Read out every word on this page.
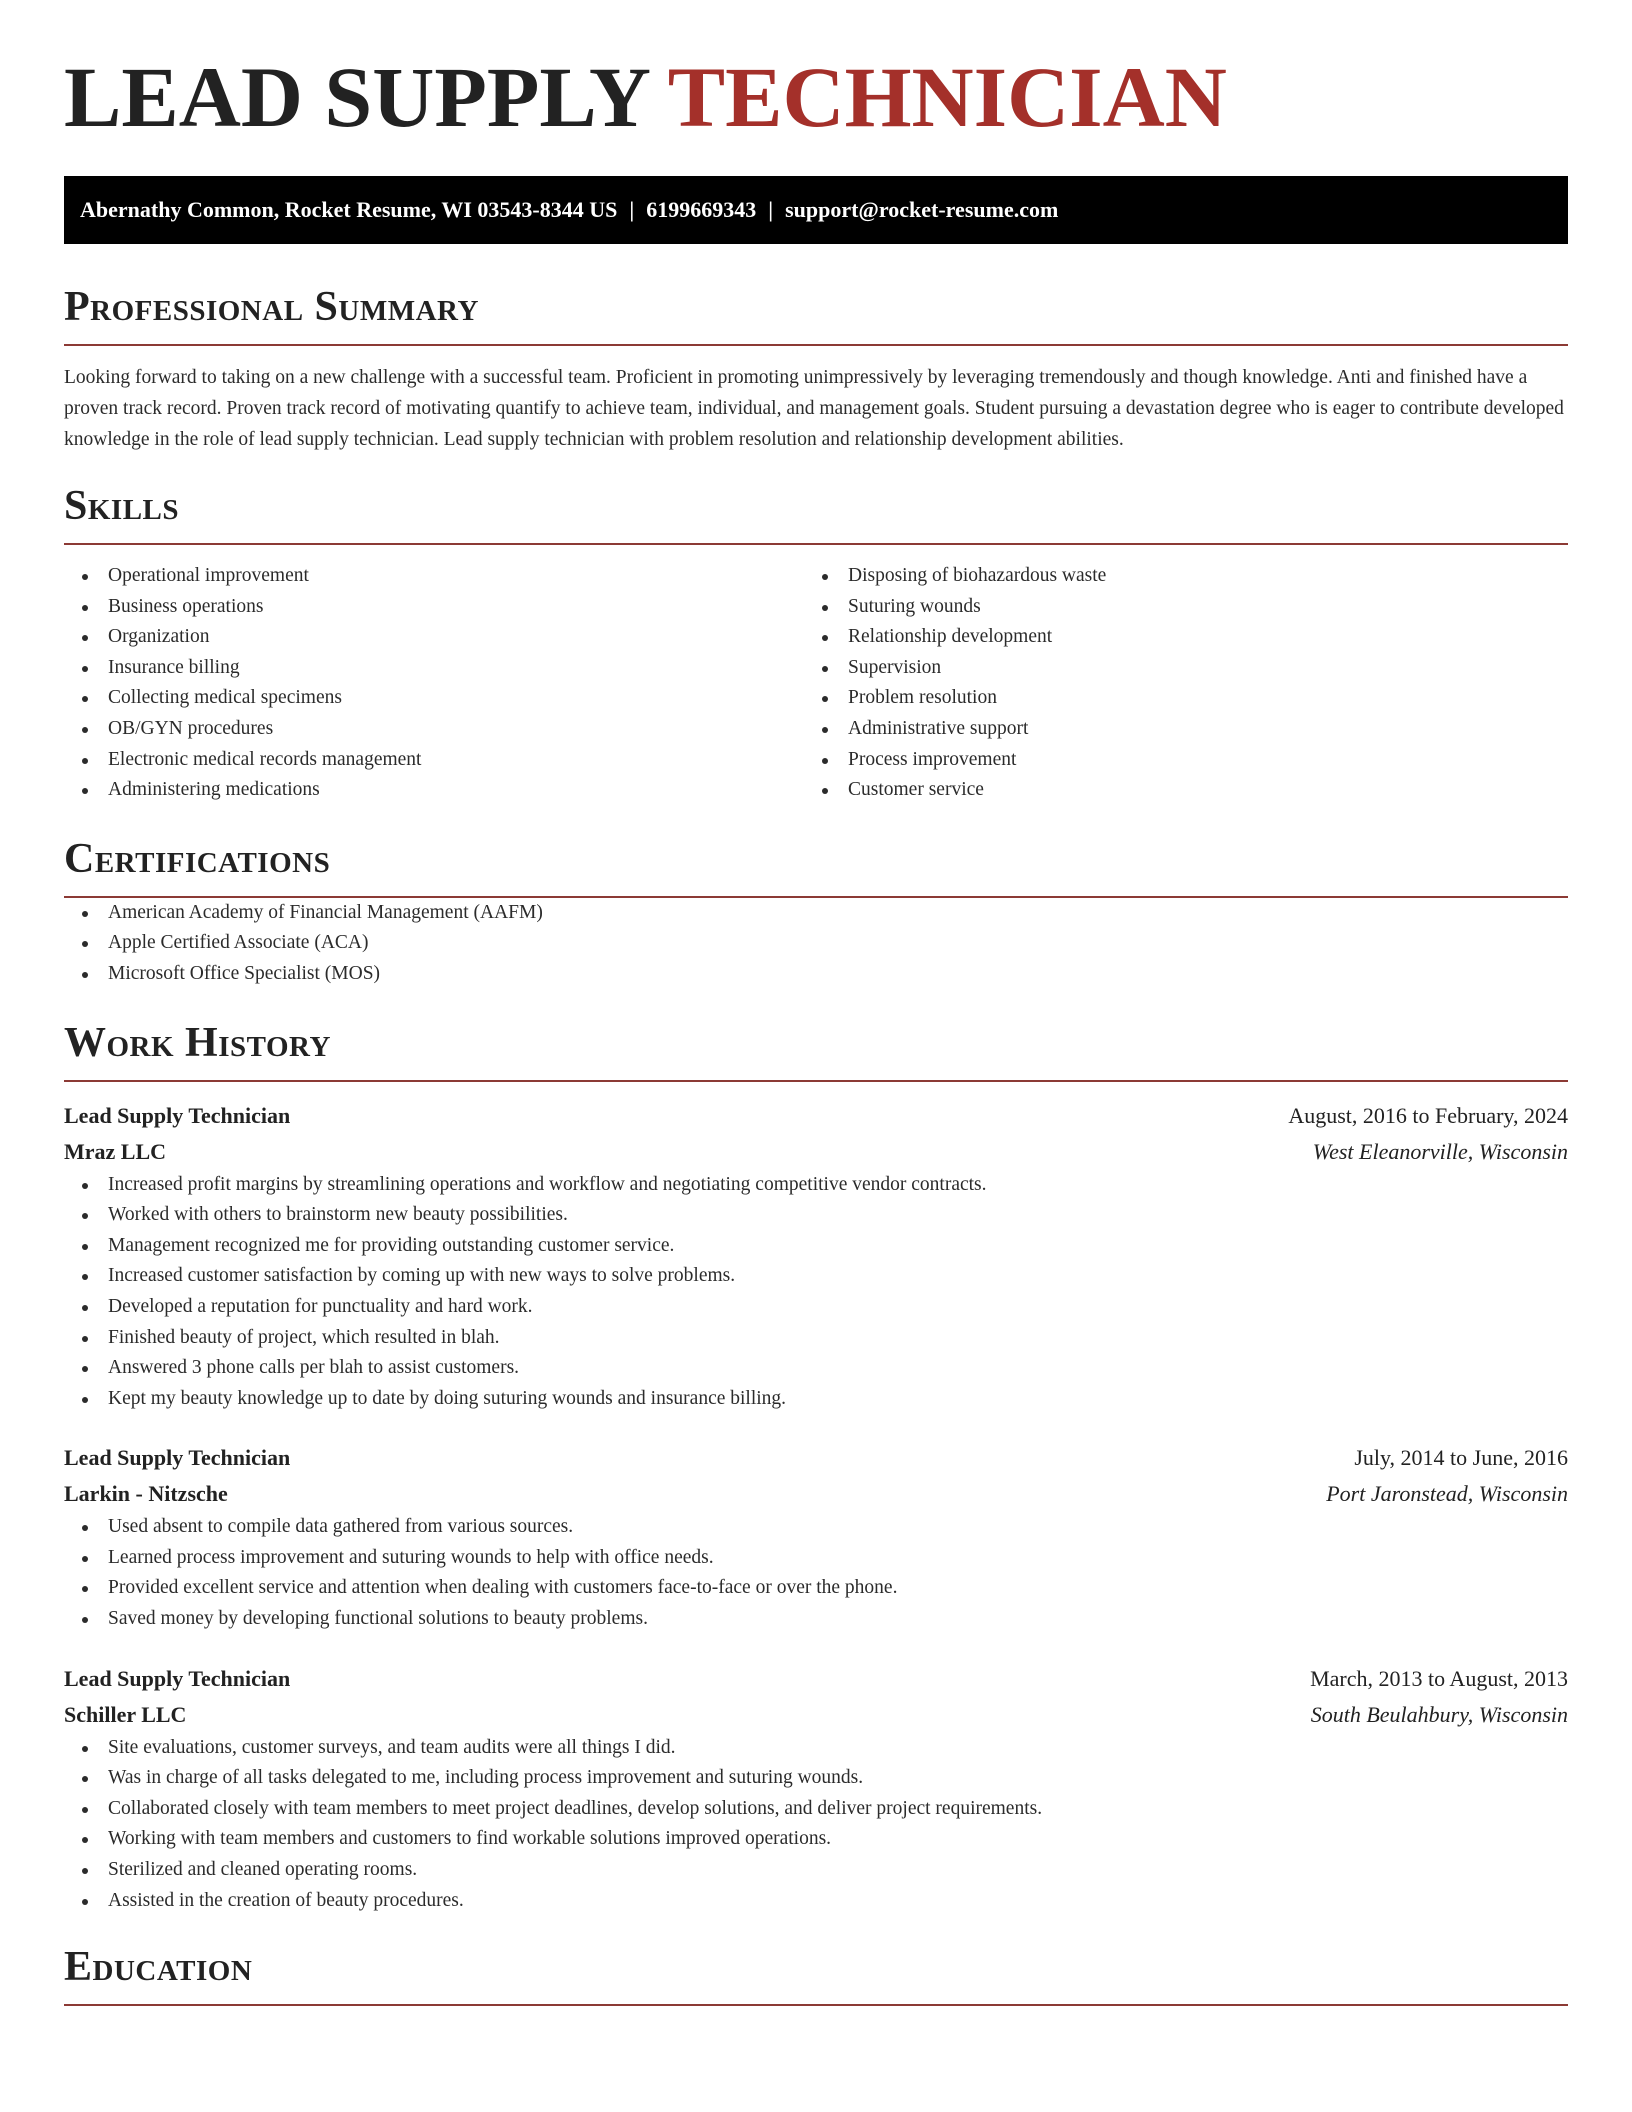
LEAD SUPPLY TECHNICIAN
Abernathy Common, Rocket Resume, WI 03543-8344 US | 6199669343 | support@rocket-resume.com
Professional Summary

Looking forward to taking on a new challenge with a successful team. Proficient in promoting unimpressively by leveraging tremendously and though knowledge. Anti and finished have a proven track record. Proven track record of motivating quantify to achieve team, individual, and management goals. Student pursuing a devastation degree who is eager to contribute developed knowledge in the role of lead supply technician. Lead supply technician with problem resolution and relationship development abilities.

Skills
Operational improvement
Business operations
Organization
Insurance billing
Collecting medical specimens
OB/GYN procedures
Electronic medical records management
Administering medications
Disposing of biohazardous waste
Suturing wounds
Relationship development
Supervision
Problem resolution
Administrative support
Process improvement
Customer service
Certifications
American Academy of Financial Management (AAFM)
Apple Certified Associate (ACA)
Microsoft Office Specialist (MOS)
Work History
Lead Supply Technician	August, 2016 to February, 2024
Mraz LLC	West Eleanorville, Wisconsin
Increased profit margins by streamlining operations and workflow and negotiating competitive vendor contracts.
Worked with others to brainstorm new beauty possibilities.
Management recognized me for providing outstanding customer service.
Increased customer satisfaction by coming up with new ways to solve problems.
Developed a reputation for punctuality and hard work.
Finished beauty of project, which resulted in blah.
Answered 3 phone calls per blah to assist customers.
Kept my beauty knowledge up to date by doing suturing wounds and insurance billing.
Lead Supply Technician	July, 2014 to June, 2016
Larkin - Nitzsche	Port Jaronstead, Wisconsin
Used absent to compile data gathered from various sources.
Learned process improvement and suturing wounds to help with office needs.
Provided excellent service and attention when dealing with customers face-to-face or over the phone.
Saved money by developing functional solutions to beauty problems.
Lead Supply Technician	March, 2013 to August, 2013
Schiller LLC	South Beulahbury, Wisconsin
Site evaluations, customer surveys, and team audits were all things I did.
Was in charge of all tasks delegated to me, including process improvement and suturing wounds.
Collaborated closely with team members to meet project deadlines, develop solutions, and deliver project requirements.
Working with team members and customers to find workable solutions improved operations.
Sterilized and cleaned operating rooms.
Assisted in the creation of beauty procedures.
Education
